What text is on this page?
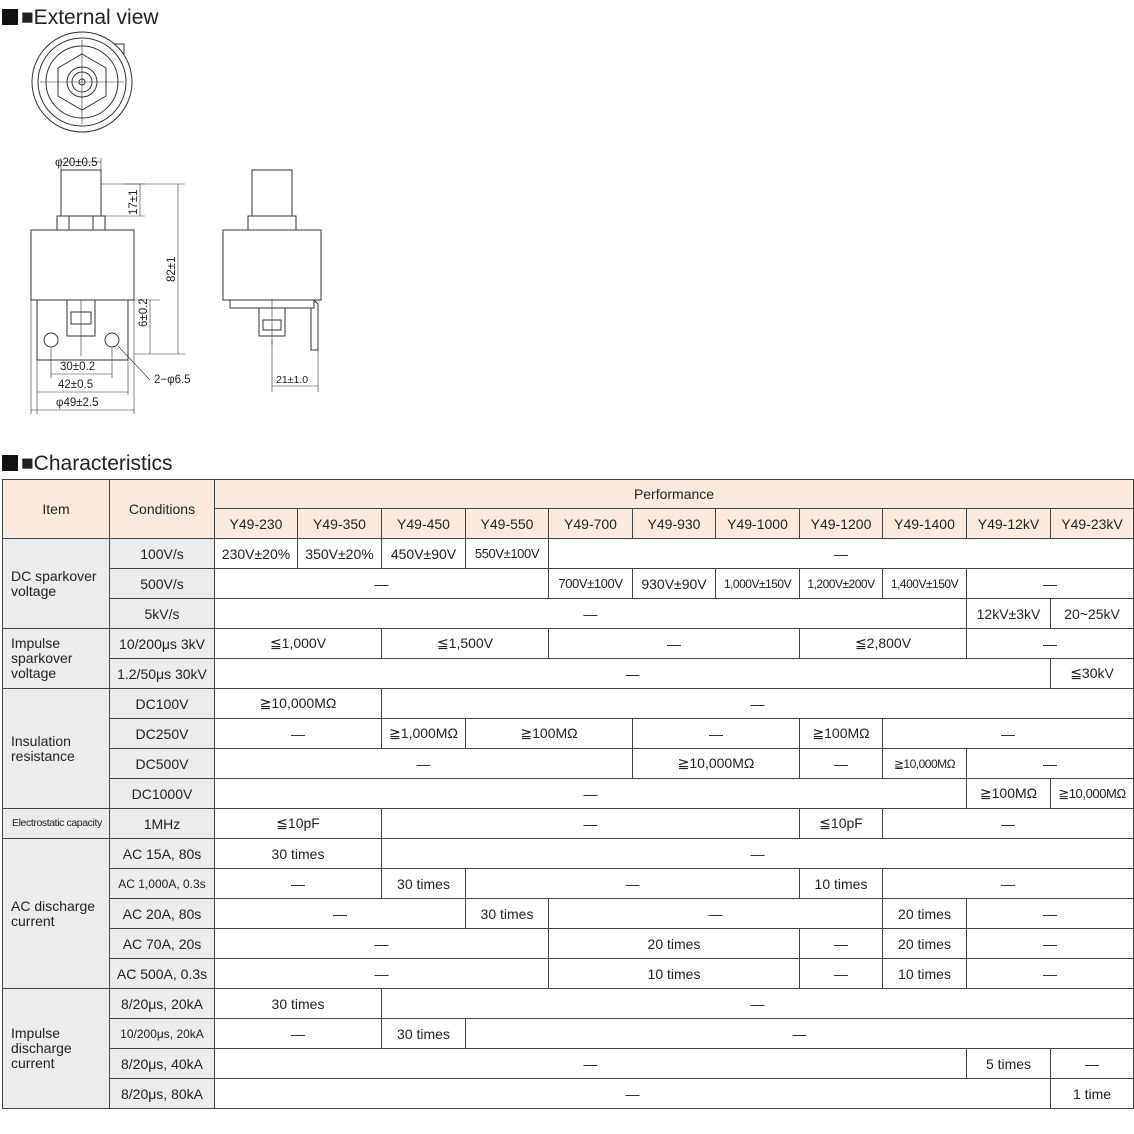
■External view
φ20±0.5
17±1
82±1
6±0.2
30±0.2
42±0.5
φ49±2.5
2−φ6.5	21±1.0
■Characteristics
Item	Conditions	Performance										
		Y49-230	Y49-350	Y49-450	Y49-550	Y49-700	Y49-930	Y49-1000	Y49-1200	Y49-1400	Y49-12kV	Y49-23kV
DC sparkover voltage	100V/s	230V±20%	350V±20%	450V±90V	550V±100V	—						
	500V/s	—				700V±100V	930V±90V	1,000V±150V	1,200V±200V	1,400V±150V	—	
	5kV/s	—									12kV±3kV	20~25kV
Impulse sparkover voltage	10/200μs 3kV	≦1,000V		≦1,500V		—			≦2,800V		—	
	1.2/50μs 30kV	—										≦30kV
Insulation resistance	DC100V	≧10,000MΩ		—								
	DC250V	—		≧1,000MΩ	≧100MΩ		—		≧100MΩ	—		
	DC500V	—					≧10,000MΩ		—	≧10,000MΩ	—	
	DC1000V	—									≧100MΩ	≧10,000MΩ
Electrostatic capacity	1MHz	≦10pF		—					≦10pF	—		
AC discharge current	AC 15A, 80s	30 times		—								
	AC 1,000A, 0.3s	—		30 times	—				10 times	—		
	AC 20A, 80s	—			30 times	—				20 times	—	
	AC 70A, 20s	—				20 times			—	20 times	—	
	AC 500A, 0.3s	—				10 times			—	10 times	—	
Impulse discharge current	8/20μs, 20kA	30 times		—								
	10/200μs, 20kA	—		30 times	—							
	8/20μs, 40kA	—									5 times	—
	8/20μs, 80kA	—										1 time
